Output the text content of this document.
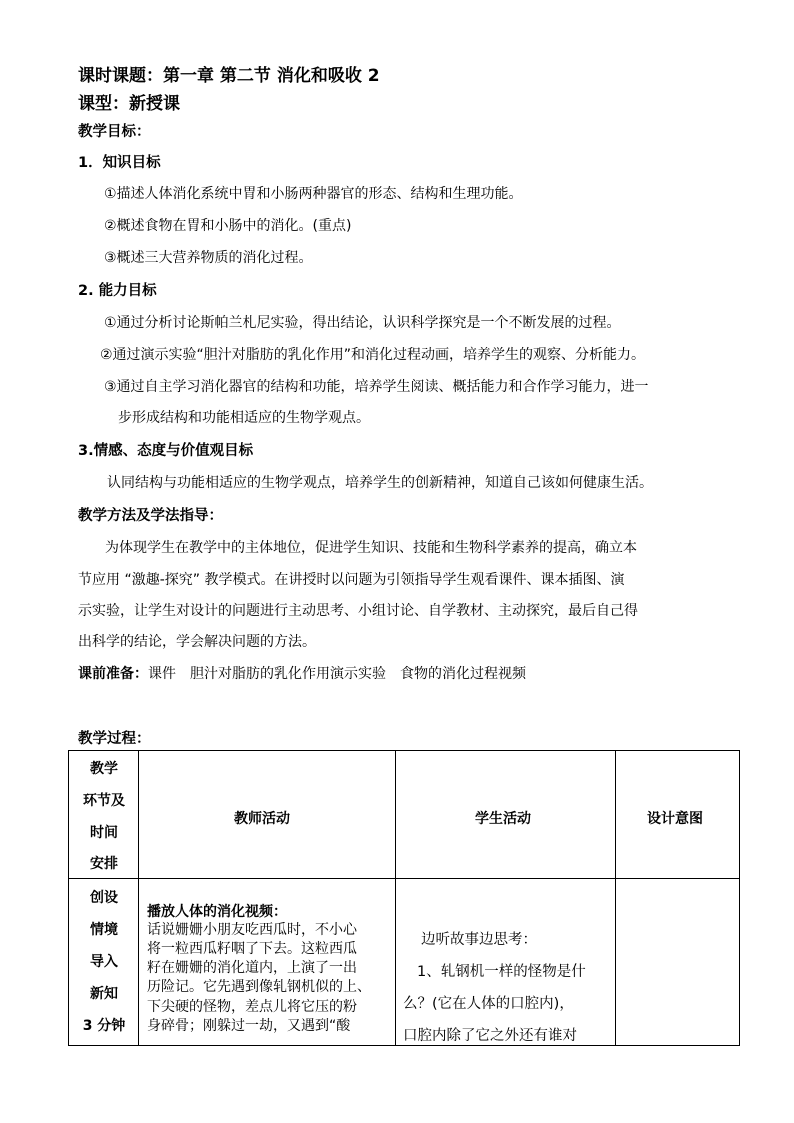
课时课题：第一章 第二节 消化和吸收 2
课型：新授课
教学目标：
1．知识目标
①描述人体消化系统中胃和小肠两种器官的形态、结构和生理功能。
②概述食物在胃和小肠中的消化。(重点)
③概述三大营养物质的消化过程。
2. 能力目标
①通过分析讨论斯帕兰札尼实验，得出结论，认识科学探究是一个不断发展的过程。
②通过演示实验“胆汁对脂肪的乳化作用”和消化过程动画，培养学生的观察、分析能力。
③通过自主学习消化器官的结构和功能，培养学生阅读、概括能力和合作学习能力，进一
步形成结构和功能相适应的生物学观点。
3.情感、态度与价值观目标
认同结构与功能相适应的生物学观点，培养学生的创新精神，知道自己该如何健康生活。
教学方法及学法指导：
为体现学生在教学中的主体地位，促进学生知识、技能和生物科学素养的提高，确立本
节应用 “激趣-探究” 教学模式。在讲授时以问题为引领指导学生观看课件、课本插图、演
示实验，让学生对设计的问题进行主动思考、小组讨论、自学教材、主动探究，最后自己得
出科学的结论，学会解决问题的方法。
课前准备：课件　胆汁对脂肪的乳化作用演示实验　食物的消化过程视频
教学过程：
教学
环节及
时间
安排
教师活动	学生活动	设计意图
创设
情境
导入
新知
3 分钟
播放人体的消化视频：
话说姗姗小朋友吃西瓜时，不小心
将一粒西瓜籽咽了下去。这粒西瓜
籽在姗姗的消化道内，上演了一出
历险记。它先遇到像轧钢机似的上、
下尖硬的怪物，差点儿将它压的粉
身碎骨；刚躲过一劫，又遇到“酸
边听故事边思考：
1、轧钢机一样的怪物是什
么？(它在人体的口腔内)，
口腔内除了它之外还有谁对
